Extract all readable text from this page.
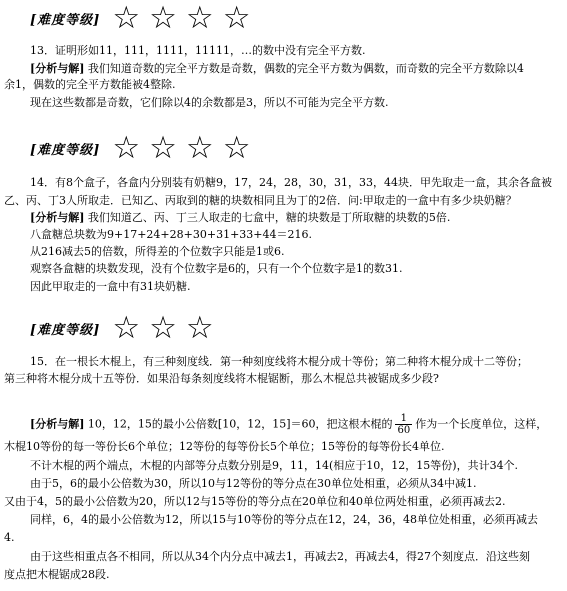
[难度等级] ☆ ☆ ☆ ☆
13．证明形如11，111，1111，11111，…的数中没有完全平方数.
[分析与解] 我们知道奇数的完全平方数是奇数，偶数的完全平方数为偶数，而奇数的完全平方数除以4
余1，偶数的完全平方数能被4整除.
现在这些数都是奇数，它们除以4的余数都是3，所以不可能为完全平方数.
[难度等级] ☆ ☆ ☆ ☆
14．有8个盒子，各盒内分别装有奶糖9，17，24，28，30，31，33，44块．甲先取走一盒，其余各盒被
乙、丙、丁3人所取走．已知乙、丙取到的糖的块数相同且为丁的2倍．问:甲取走的一盒中有多少块奶糖？
[分析与解] 我们知道乙、丙、丁三人取走的七盒中，糖的块数是丁所取糖的块数的5倍.
八盒糖总块数为9+17+24+28+30+31+33+44＝216.
从216减去5的倍数，所得差的个位数字只能是1或6.
观察各盒糖的块数发现，没有个位数字是6的，只有一个个位数字是1的数31.
因此甲取走的一盒中有31块奶糖.
[难度等级] ☆ ☆ ☆
15．在一根长木棍上，有三种刻度线．第一种刻度线将木棍分成十等份；第二种将木棍分成十二等份；
第三种将木棍分成十五等份．如果沿每条刻度线将木棍锯断，那么木棍总共被锯成多少段?
[分析与解] 10，12，15的最小公倍数[10，12，15]＝60，把这根木棍的 $\frac{1}{60}$ 作为一个长度单位，这样，
木棍10等份的每一等份长6个单位；12等份的每等份长5个单位；15等份的每等份长4单位.
不计木棍的两个端点，木棍的内部等分点数分别是9，11，14(相应于10，12，15等份)，共计34个.
由于5，6的最小公倍数为30，所以10与12等份的等分点在30单位处相重，必须从34中减1.
又由于4，5的最小公倍数为20，所以12与15等份的等分点在20单位和40单位两处相重，必须再减去2.
同样，6，4的最小公倍数为12，所以15与10等份的等分点在12，24，36，48单位处相重，必须再减去
4.
由于这些相重点各不相同，所以从34个内分点中减去1，再减去2，再减去4，得27个刻度点．沿这些刻
度点把木棍锯成28段.
